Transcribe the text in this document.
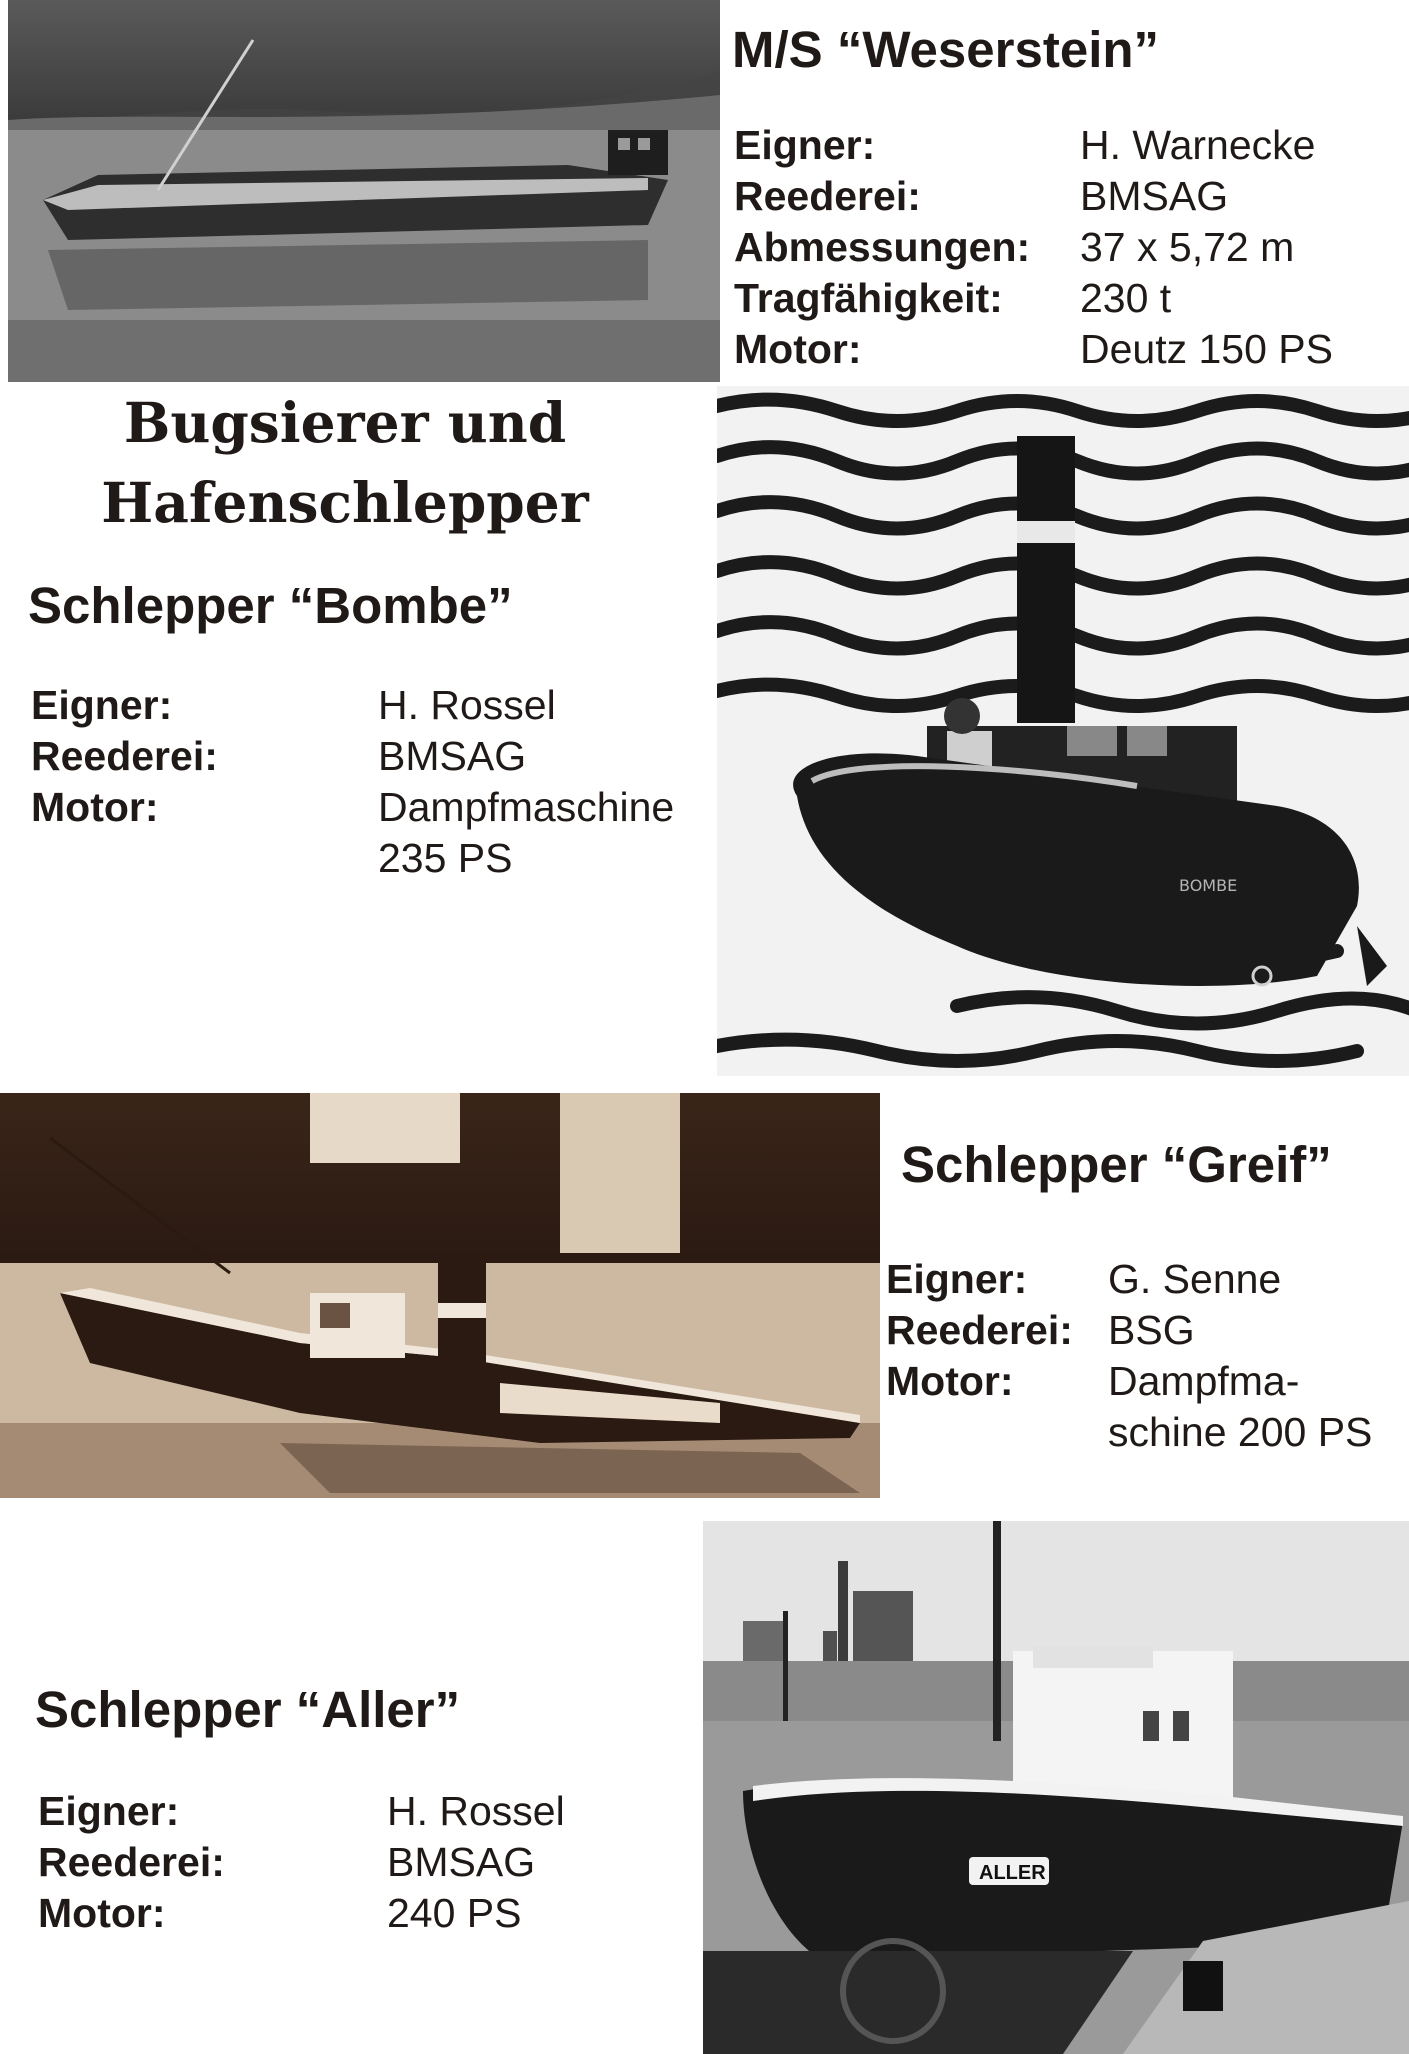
M/S “Weserstein”
Eigner:	H. Warnecke
Reederei:	BMSAG
Abmessungen:	37 x 5,72 m
Tragfähigkeit:	230 t
Motor:	Deutz 150 PS
Bugsierer und
Hafenschlepper
BOMBE
Schlepper “Bombe”
Eigner:	H. Rossel
Reederei:	BMSAG
Motor:	Dampfmaschine
235 PS
Schlepper “Greif”
Eigner:	G. Senne
Reederei: BSG
Motor:	Dampfma-
schine 200 PS
ALLER
Schlepper “Aller”
Eigner:	H. Rossel
Reederei:	BMSAG
Motor:	240 PS
